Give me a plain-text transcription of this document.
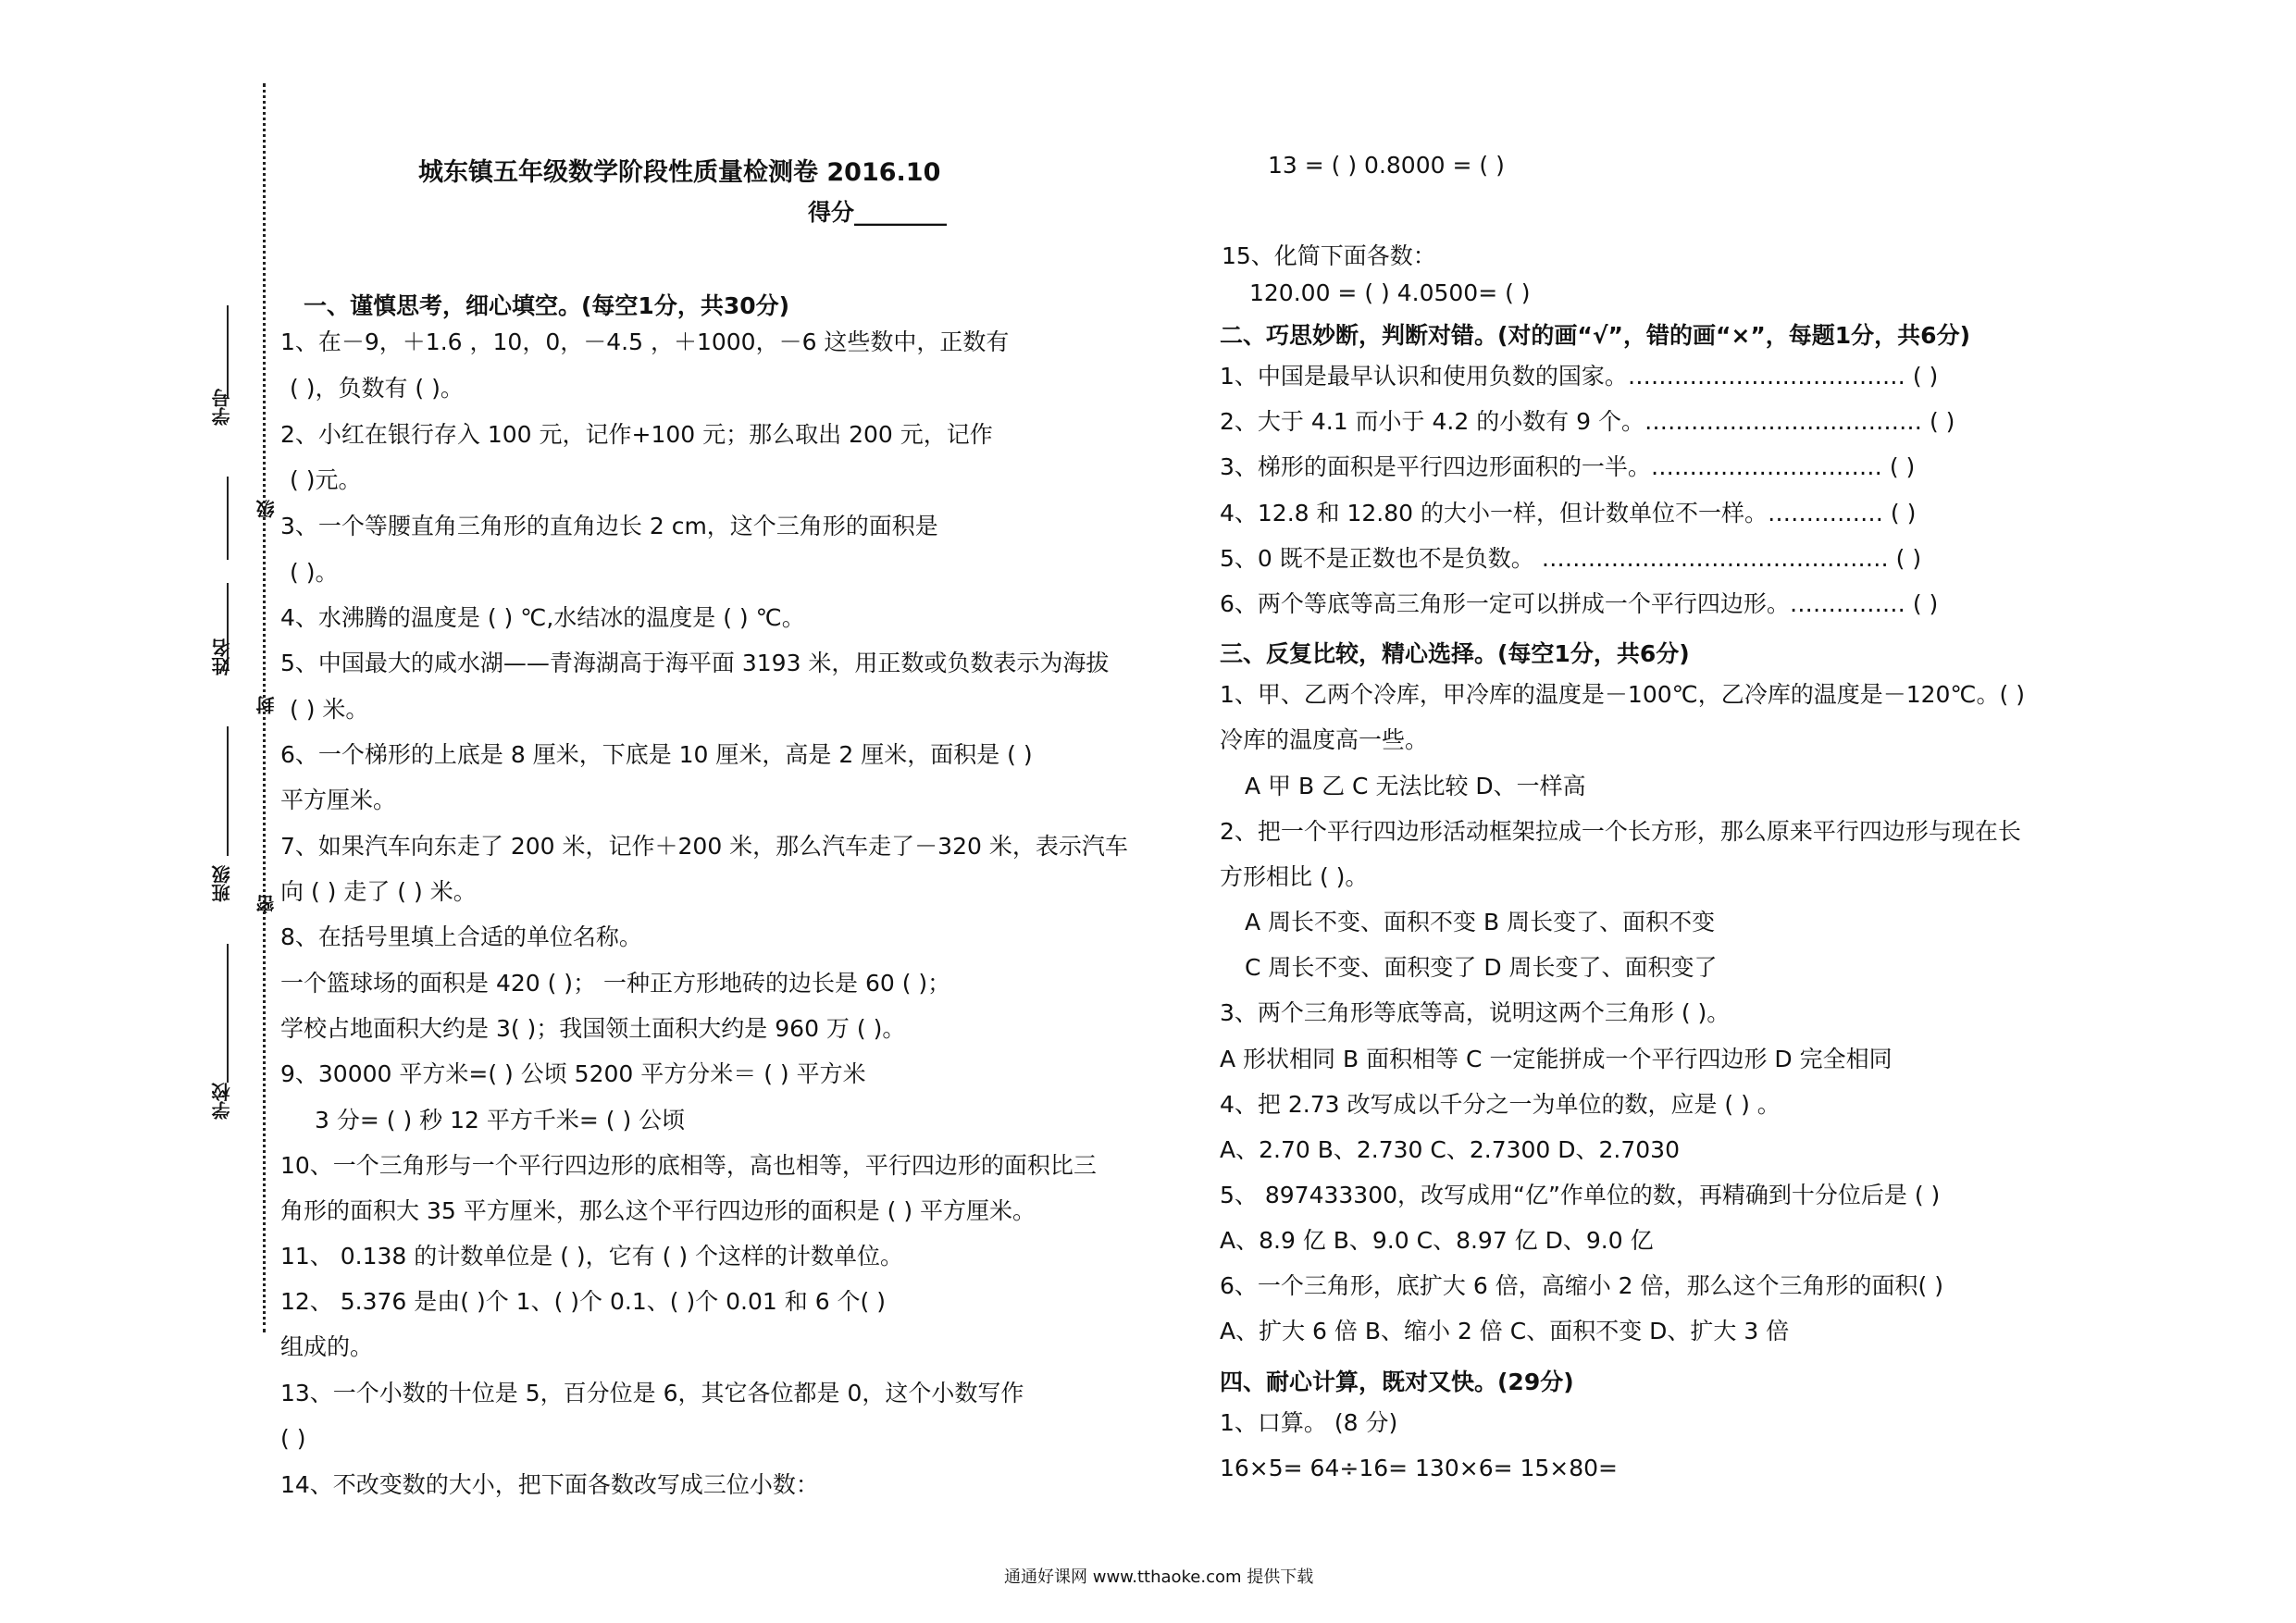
学号
级
姓名
封
班级
密
学校
城东镇五年级数学阶段性质量检测卷 2016.10
得分________
一、谨慎思考，细心填空。(每空1分，共30分)
1、在－9，＋1.6 ，10，0，－4.5 ，＋1000，－6 这些数中，正数有
( )，负数有 ( )。
2、小红在银行存入 100 元，记作+100 元；那么取出 200 元，记作
( )元。
3、一个等腰直角三角形的直角边长 2 cm，这个三角形的面积是
( )。
4、水沸腾的温度是 ( ) ℃,水结冰的温度是 ( ) ℃。
5、中国最大的咸水湖——青海湖高于海平面 3193 米，用正数或负数表示为海拔
( ) 米。
6、一个梯形的上底是 8 厘米，下底是 10 厘米，高是 2 厘米，面积是 ( )
平方厘米。
7、如果汽车向东走了 200 米，记作＋200 米，那么汽车走了－320 米，表示汽车
向 ( ) 走了 ( ) 米。
8、在括号里填上合适的单位名称。
一个篮球场的面积是 420 ( )； 一种正方形地砖的边长是 60 ( )；
学校占地面积大约是 3( )；我国领土面积大约是 960 万 ( )。
9、30000 平方米=( ) 公顷 5200 平方分米＝ ( ) 平方米
3 分= ( ) 秒 12 平方千米= ( ) 公顷
10、一个三角形与一个平行四边形的底相等，高也相等，平行四边形的面积比三
角形的面积大 35 平方厘米，那么这个平行四边形的面积是 ( ) 平方厘米。
11、 0.138 的计数单位是 ( )，它有 ( ) 个这样的计数单位。
12、 5.376 是由( )个 1、( )个 0.1、( )个 0.01 和 6 个( )
组成的。
13、一个小数的十位是 5，百分位是 6，其它各位都是 0，这个小数写作
( )
14、不改变数的大小，把下面各数改写成三位小数：
13 = ( ) 0.8000 = ( )
15、化简下面各数：
120.00 = ( ) 4.0500= ( )
二、巧思妙断，判断对错。(对的画“√”，错的画“×”，每题1分，共6分)
1、中国是最早认识和使用负数的国家。……………………………… ( )
2、大于 4.1 而小于 4.2 的小数有 9 个。……………………………… ( )
3、梯形的面积是平行四边形面积的一半。………………………… ( )
4、12.8 和 12.80 的大小一样，但计数单位不一样。…………… ( )
5、0 既不是正数也不是负数。 ……………………………………… ( )
6、两个等底等高三角形一定可以拼成一个平行四边形。…………… ( )
三、反复比较，精心选择。(每空1分，共6分)
1、甲、乙两个冷库，甲冷库的温度是－100℃，乙冷库的温度是－120℃。( )
冷库的温度高一些。
A 甲 B 乙 C 无法比较 D、一样高
2、把一个平行四边形活动框架拉成一个长方形，那么原来平行四边形与现在长
方形相比 ( )。
A 周长不变、面积不变 B 周长变了、面积不变
C 周长不变、面积变了 D 周长变了、面积变了
3、两个三角形等底等高，说明这两个三角形 ( )。
A 形状相同 B 面积相等 C 一定能拼成一个平行四边形 D 完全相同
4、把 2.73 改写成以千分之一为单位的数，应是 ( ) 。
A、2.70 B、2.730 C、2.7300 D、2.7030
5、 897433300，改写成用“亿”作单位的数，再精确到十分位后是 ( )
A、8.9 亿 B、9.0 C、8.97 亿 D、9.0 亿
6、一个三角形，底扩大 6 倍，高缩小 2 倍，那么这个三角形的面积( )
A、扩大 6 倍 B、缩小 2 倍 C、面积不变 D、扩大 3 倍
四、耐心计算，既对又快。(29分)
1、口算。 (8 分)
16×5= 64÷16= 130×6= 15×80=
通通好课网 www.tthaoke.com 提供下载
